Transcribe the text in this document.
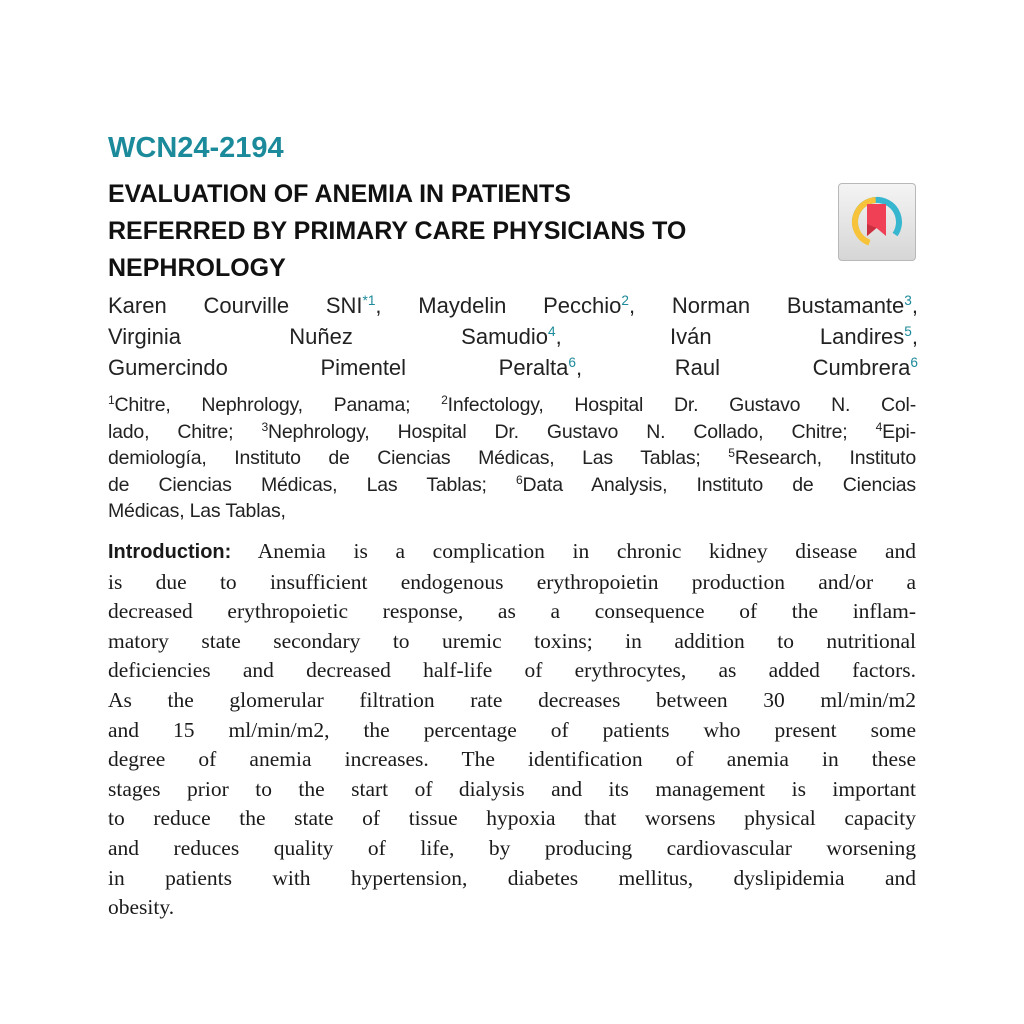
WCN24-2194
EVALUATION OF ANEMIA IN PATIENTS
REFERRED BY PRIMARY CARE PHYSICIANS TO
NEPHROLOGY
Karen Courville SNI$^{*1}$, Maydelin Pecchio$^2$, Norman Bustamante$^3$,
Virginia Nuñez Samudio$^4$, Iván Landires$^5$,
Gumercindo Pimentel Peralta$^6$, Raul Cumbrera$^6$
$^1$Chitre, Nephrology, Panama; $^2$Infectology, Hospital Dr. Gustavo N. Col-
lado, Chitre; $^3$Nephrology, Hospital Dr. Gustavo N. Collado, Chitre; $^4$Epi-
demiología, Instituto de Ciencias Médicas, Las Tablas; $^5$Research, Instituto
de Ciencias Médicas, Las Tablas; $^6$Data Analysis, Instituto de Ciencias
Médicas, Las Tablas,
Introduction: Anemia is a complication in chronic kidney disease and
is due to insufficient endogenous erythropoietin production and/or a
decreased erythropoietic response, as a consequence of the inflam-
matory state secondary to uremic toxins; in addition to nutritional
deficiencies and decreased half-life of erythrocytes, as added factors.
As the glomerular filtration rate decreases between 30 ml/min/m2
and 15 ml/min/m2, the percentage of patients who present some
degree of anemia increases. The identification of anemia in these
stages prior to the start of dialysis and its management is important
to reduce the state of tissue hypoxia that worsens physical capacity
and reduces quality of life, by producing cardiovascular worsening
in patients with hypertension, diabetes mellitus, dyslipidemia and
obesity.
